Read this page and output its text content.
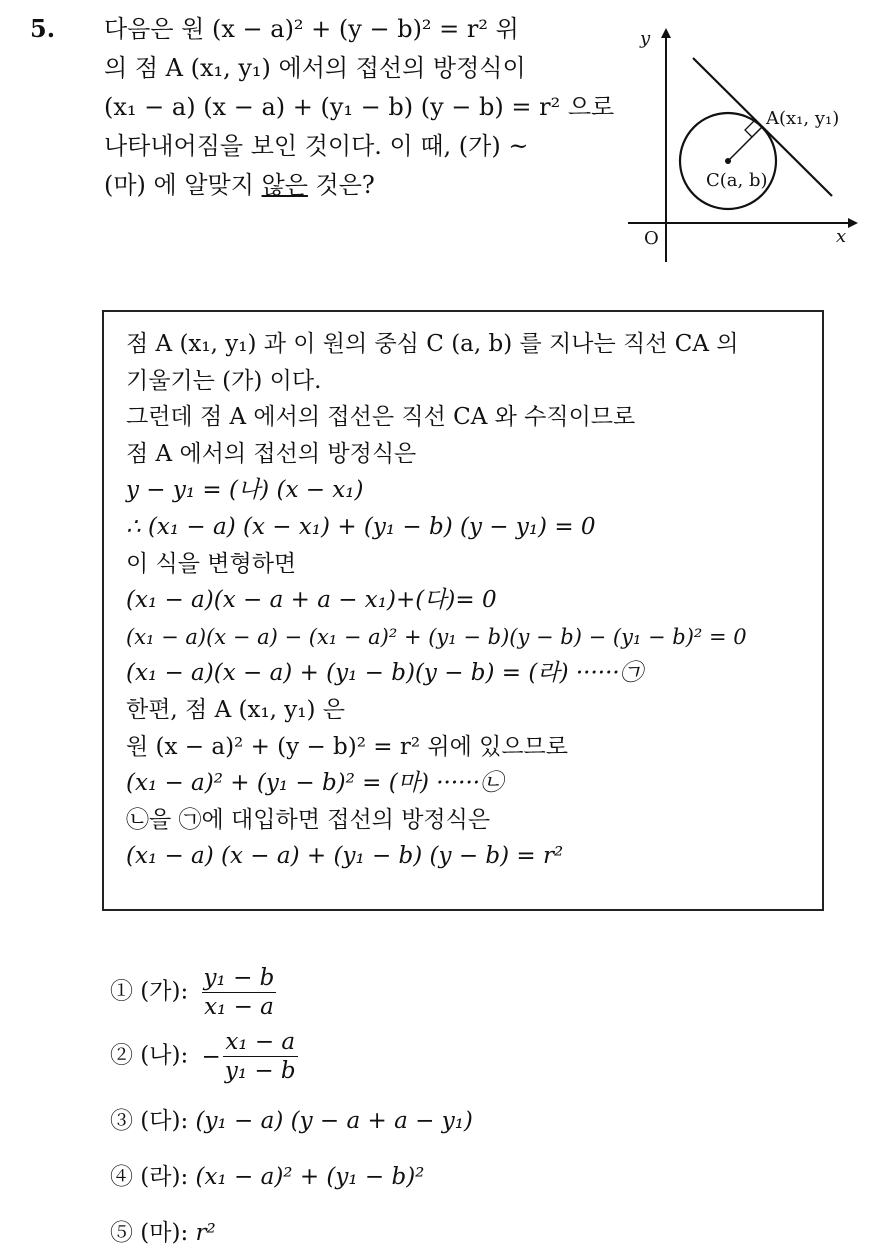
5. 다음은 원 (x − a)² + (y − b)² = r² 위
의 점 A (x₁, y₁) 에서의 접선의 방정식이
(x₁ − a) (x − a) + (y₁ − b) (y − b) = r² 으로
나타내어짐을 보인 것이다. 이 때, (가) ~
(마) 에 알맞지 않은 것은?
y
x
O
A(x₁, y₁)
C(a, b)
점 A (x₁, y₁) 과 이 원의 중심 C (a, b) 를 지나는 직선 CA 의
기울기는 (가) 이다.
그런데 점 A 에서의 접선은 직선 CA 와 수직이므로
점 A 에서의 접선의 방정식은
y − y₁ = (나) (x − x₁)
∴ (x₁ − a) (x − x₁) + (y₁ − b) (y − y₁) = 0
이 식을 변형하면
(x₁ − a)(x − a + a − x₁)+(다)= 0
(x₁ − a)(x − a) − (x₁ − a)² + (y₁ − b)(y − b) − (y₁ − b)² = 0
(x₁ − a)(x − a) + (y₁ − b)(y − b) = (라) ······㉠
한편, 점 A (x₁, y₁) 은
원 (x − a)² + (y − b)² = r² 위에 있으므로
(x₁ − a)² + (y₁ − b)² = (마) ······㉡
㉡을 ㉠에 대입하면 접선의 방정식은
(x₁ − a) (x − a) + (y₁ − b) (y − b) = r²
① (가): $\frac{\text{y₁ − b}}{\text{x₁ − a}}$
② (나): − $\frac{\text{x₁ − a}}{\text{y₁ − b}}$
③ (다): (y₁ − a) (y − a + a − y₁)
④ (라): (x₁ − a)² + (y₁ − b)²
⑤ (마): r²
